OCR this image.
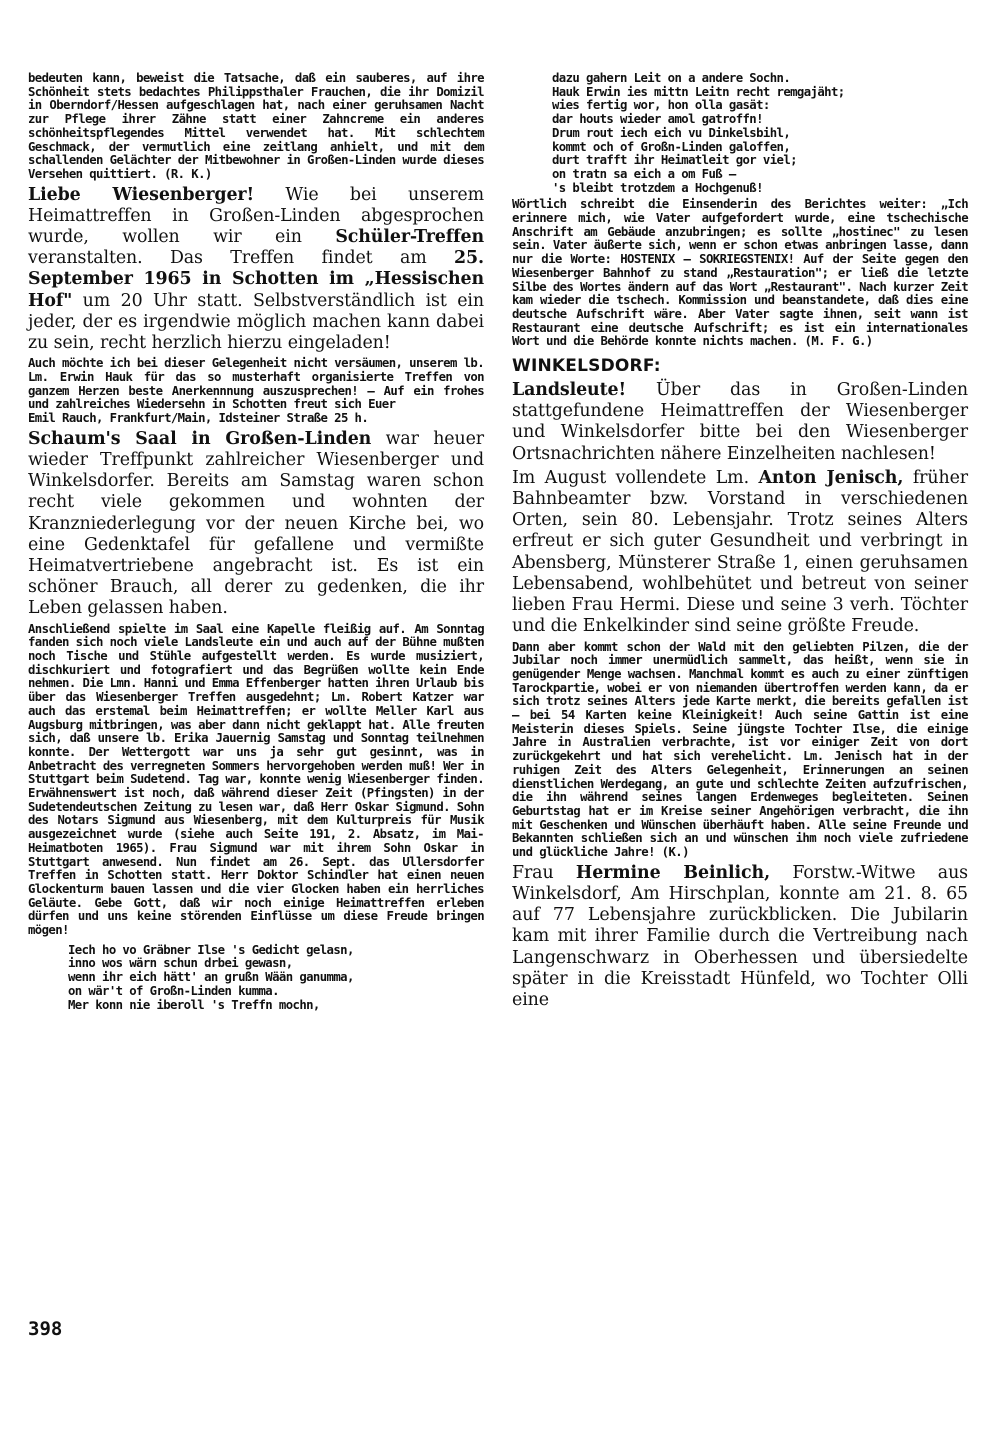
bedeuten kann, beweist die Tatsache, daß ein sauberes, auf ihre Schönheit stets bedachtes Philippsthaler Frauchen, die ihr Domizil in Oberndorf/Hessen aufgeschlagen hat, nach einer geruhsamen Nacht zur Pflege ihrer Zähne statt einer Zahncreme ein anderes schönheitspflegendes Mittel verwendet hat. Mit schlechtem Geschmack, der vermutlich eine zeitlang anhielt, und mit dem schallenden Gelächter der Mitbewohner in Großen-Linden wurde dieses Versehen quittiert. (R. K.)

Liebe Wiesenberger! Wie bei unserem Heimattreffen in Großen-Linden abgesprochen wurde, wollen wir ein Schüler-Treffen veranstalten. Das Treffen findet am 25. September 1965 in Schotten im „Hessischen Hof" um 20 Uhr statt. Selbstverständlich ist ein jeder, der es irgendwie möglich machen kann dabei zu sein, recht herzlich hierzu eingeladen!

Auch möchte ich bei dieser Gelegenheit nicht versäumen, unserem lb. Lm. Erwin Hauk für das so musterhaft organisierte Treffen von ganzem Herzen beste Anerkennnung auszusprechen! — Auf ein frohes und zahlreiches Wiedersehn in Schotten freut sich Euer
Emil Rauch, Frankfurt/Main, Idsteiner Straße 25 h.

Schaum's Saal in Großen-Linden war heuer wieder Treffpunkt zahlreicher Wiesenberger und Winkelsdorfer. Bereits am Samstag waren schon recht viele gekommen und wohnten der Kranzniederlegung vor der neuen Kirche bei, wo eine Gedenktafel für gefallene und vermißte Heimatvertriebene angebracht ist. Es ist ein schöner Brauch, all derer zu gedenken, die ihr Leben gelassen haben.

Anschließend spielte im Saal eine Kapelle fleißig auf. Am Sonntag fanden sich noch viele Landsleute ein und auch auf der Bühne mußten noch Tische und Stühle aufgestellt werden. Es wurde musiziert, dischkuriert und fotografiert und das Begrüßen wollte kein Ende nehmen. Die Lmn. Hanni und Emma Effenberger hatten ihren Urlaub bis über das Wiesenberger Treffen ausgedehnt; Lm. Robert Katzer war auch das erstemal beim Heimattreffen; er wollte Meller Karl aus Augsburg mitbringen, was aber dann nicht geklappt hat. Alle freuten sich, daß unsere lb. Erika Jauernig Samstag und Sonntag teilnehmen konnte. Der Wettergott war uns ja sehr gut gesinnt, was in Anbetracht des verregneten Sommers hervorgehoben werden muß! Wer in Stuttgart beim Sudetend. Tag war, konnte wenig Wiesenberger finden. Erwähnenswert ist noch, daß während dieser Zeit (Pfingsten) in der Sudetendeutschen Zeitung zu lesen war, daß Herr Oskar Sigmund. Sohn des Notars Sigmund aus Wiesenberg, mit dem Kulturpreis für Musik ausgezeichnet wurde (siehe auch Seite 191, 2. Absatz, im Mai-Heimatboten 1965). Frau Sigmund war mit ihrem Sohn Oskar in Stuttgart anwesend. Nun findet am 26. Sept. das Ullersdorfer Treffen in Schotten statt. Herr Doktor Schindler hat einen neuen Glockenturm bauen lassen und die vier Glocken haben ein herrliches Geläute. Gebe Gott, daß wir noch einige Heimattreffen erleben dürfen und uns keine störenden Einflüsse um diese Freude bringen mögen!

Iech ho vo Gräbner Ilse 's Gedicht gelasn,
inno wos wärn schun drbei gewasn,
wenn ihr eich hätt' an grußn Wään ganumma,
on wär't of Großn-Linden kumma.
Mer konn nie iberoll 's Treffn mochn,
dazu gahern Leit on a andere Sochn.
Hauk Erwin ies mittn Leitn recht remgajäht;
wies fertig wor, hon olla gasät:
dar houts wieder amol gatroffn!
Drum rout iech eich vu Dinkelsbihl,
kommt och of Großn-Linden galoffen,
durt trafft ihr Heimatleit gor viel;
on tratn sa eich a om Fuß —
's bleibt trotzdem a Hochgenuß!

Wörtlich schreibt die Einsenderin des Berichtes weiter: „Ich erinnere mich, wie Vater aufgefordert wurde, eine tschechische Anschrift am Gebäude anzubringen; es sollte „hostinec" zu lesen sein. Vater äußerte sich, wenn er schon etwas anbringen lasse, dann nur die Worte: HOSTENIX — SOKRIEGSTENIX! Auf der Seite gegen den Wiesenberger Bahnhof zu stand „Restauration"; er ließ die letzte Silbe des Wortes ändern auf das Wort „Restaurant". Nach kurzer Zeit kam wieder die tschech. Kommission und beanstandete, daß dies eine deutsche Aufschrift wäre. Aber Vater sagte ihnen, seit wann ist Restaurant eine deutsche Aufschrift; es ist ein internationales Wort und die Behörde konnte nichts machen. (M. F. G.)

WINKELSDORF:

Landsleute! Über das in Großen-Linden stattgefundene Heimattreffen der Wiesenberger und Winkelsdorfer bitte bei den Wiesenberger Ortsnachrichten nähere Einzelheiten nachlesen!

Im August vollendete Lm. Anton Jenisch, früher Bahnbeamter bzw. Vorstand in verschiedenen Orten, sein 80. Lebensjahr. Trotz seines Alters erfreut er sich guter Gesundheit und verbringt in Abensberg, Münsterer Straße 1, einen geruhsamen Lebensabend, wohlbehütet und betreut von seiner lieben Frau Hermi. Diese und seine 3 verh. Töchter und die Enkelkinder sind seine größte Freude.

Dann aber kommt schon der Wald mit den geliebten Pilzen, die der Jubilar noch immer unermüdlich sammelt, das heißt, wenn sie in genügender Menge wachsen. Manchmal kommt es auch zu einer zünftigen Tarockpartie, wobei er von niemanden übertroffen werden kann, da er sich trotz seines Alters jede Karte merkt, die bereits gefallen ist — bei 54 Karten keine Kleinigkeit! Auch seine Gattin ist eine Meisterin dieses Spiels. Seine jüngste Tochter Ilse, die einige Jahre in Australien verbrachte, ist vor einiger Zeit von dort zurückgekehrt und hat sich verehelicht. Lm. Jenisch hat in der ruhigen Zeit des Alters Gelegenheit, Erinnerungen an seinen dienstlichen Werdegang, an gute und schlechte Zeiten aufzufrischen, die ihn während seines langen Erdenweges begleiteten. Seinen Geburtstag hat er im Kreise seiner Angehörigen verbracht, die ihn mit Geschenken und Wünschen überhäuft haben. Alle seine Freunde und Bekannten schließen sich an und wünschen ihm noch viele zufriedene und glückliche Jahre! (K.)

Frau Hermine Beinlich, Forstw.-Witwe aus Winkelsdorf, Am Hirschplan, konnte am 21. 8. 65 auf 77 Lebensjahre zurückblicken. Die Jubilarin kam mit ihrer Familie durch die Vertreibung nach Langenschwarz in Oberhessen und übersiedelte später in die Kreisstadt Hünfeld, wo Tochter Olli eine

398
